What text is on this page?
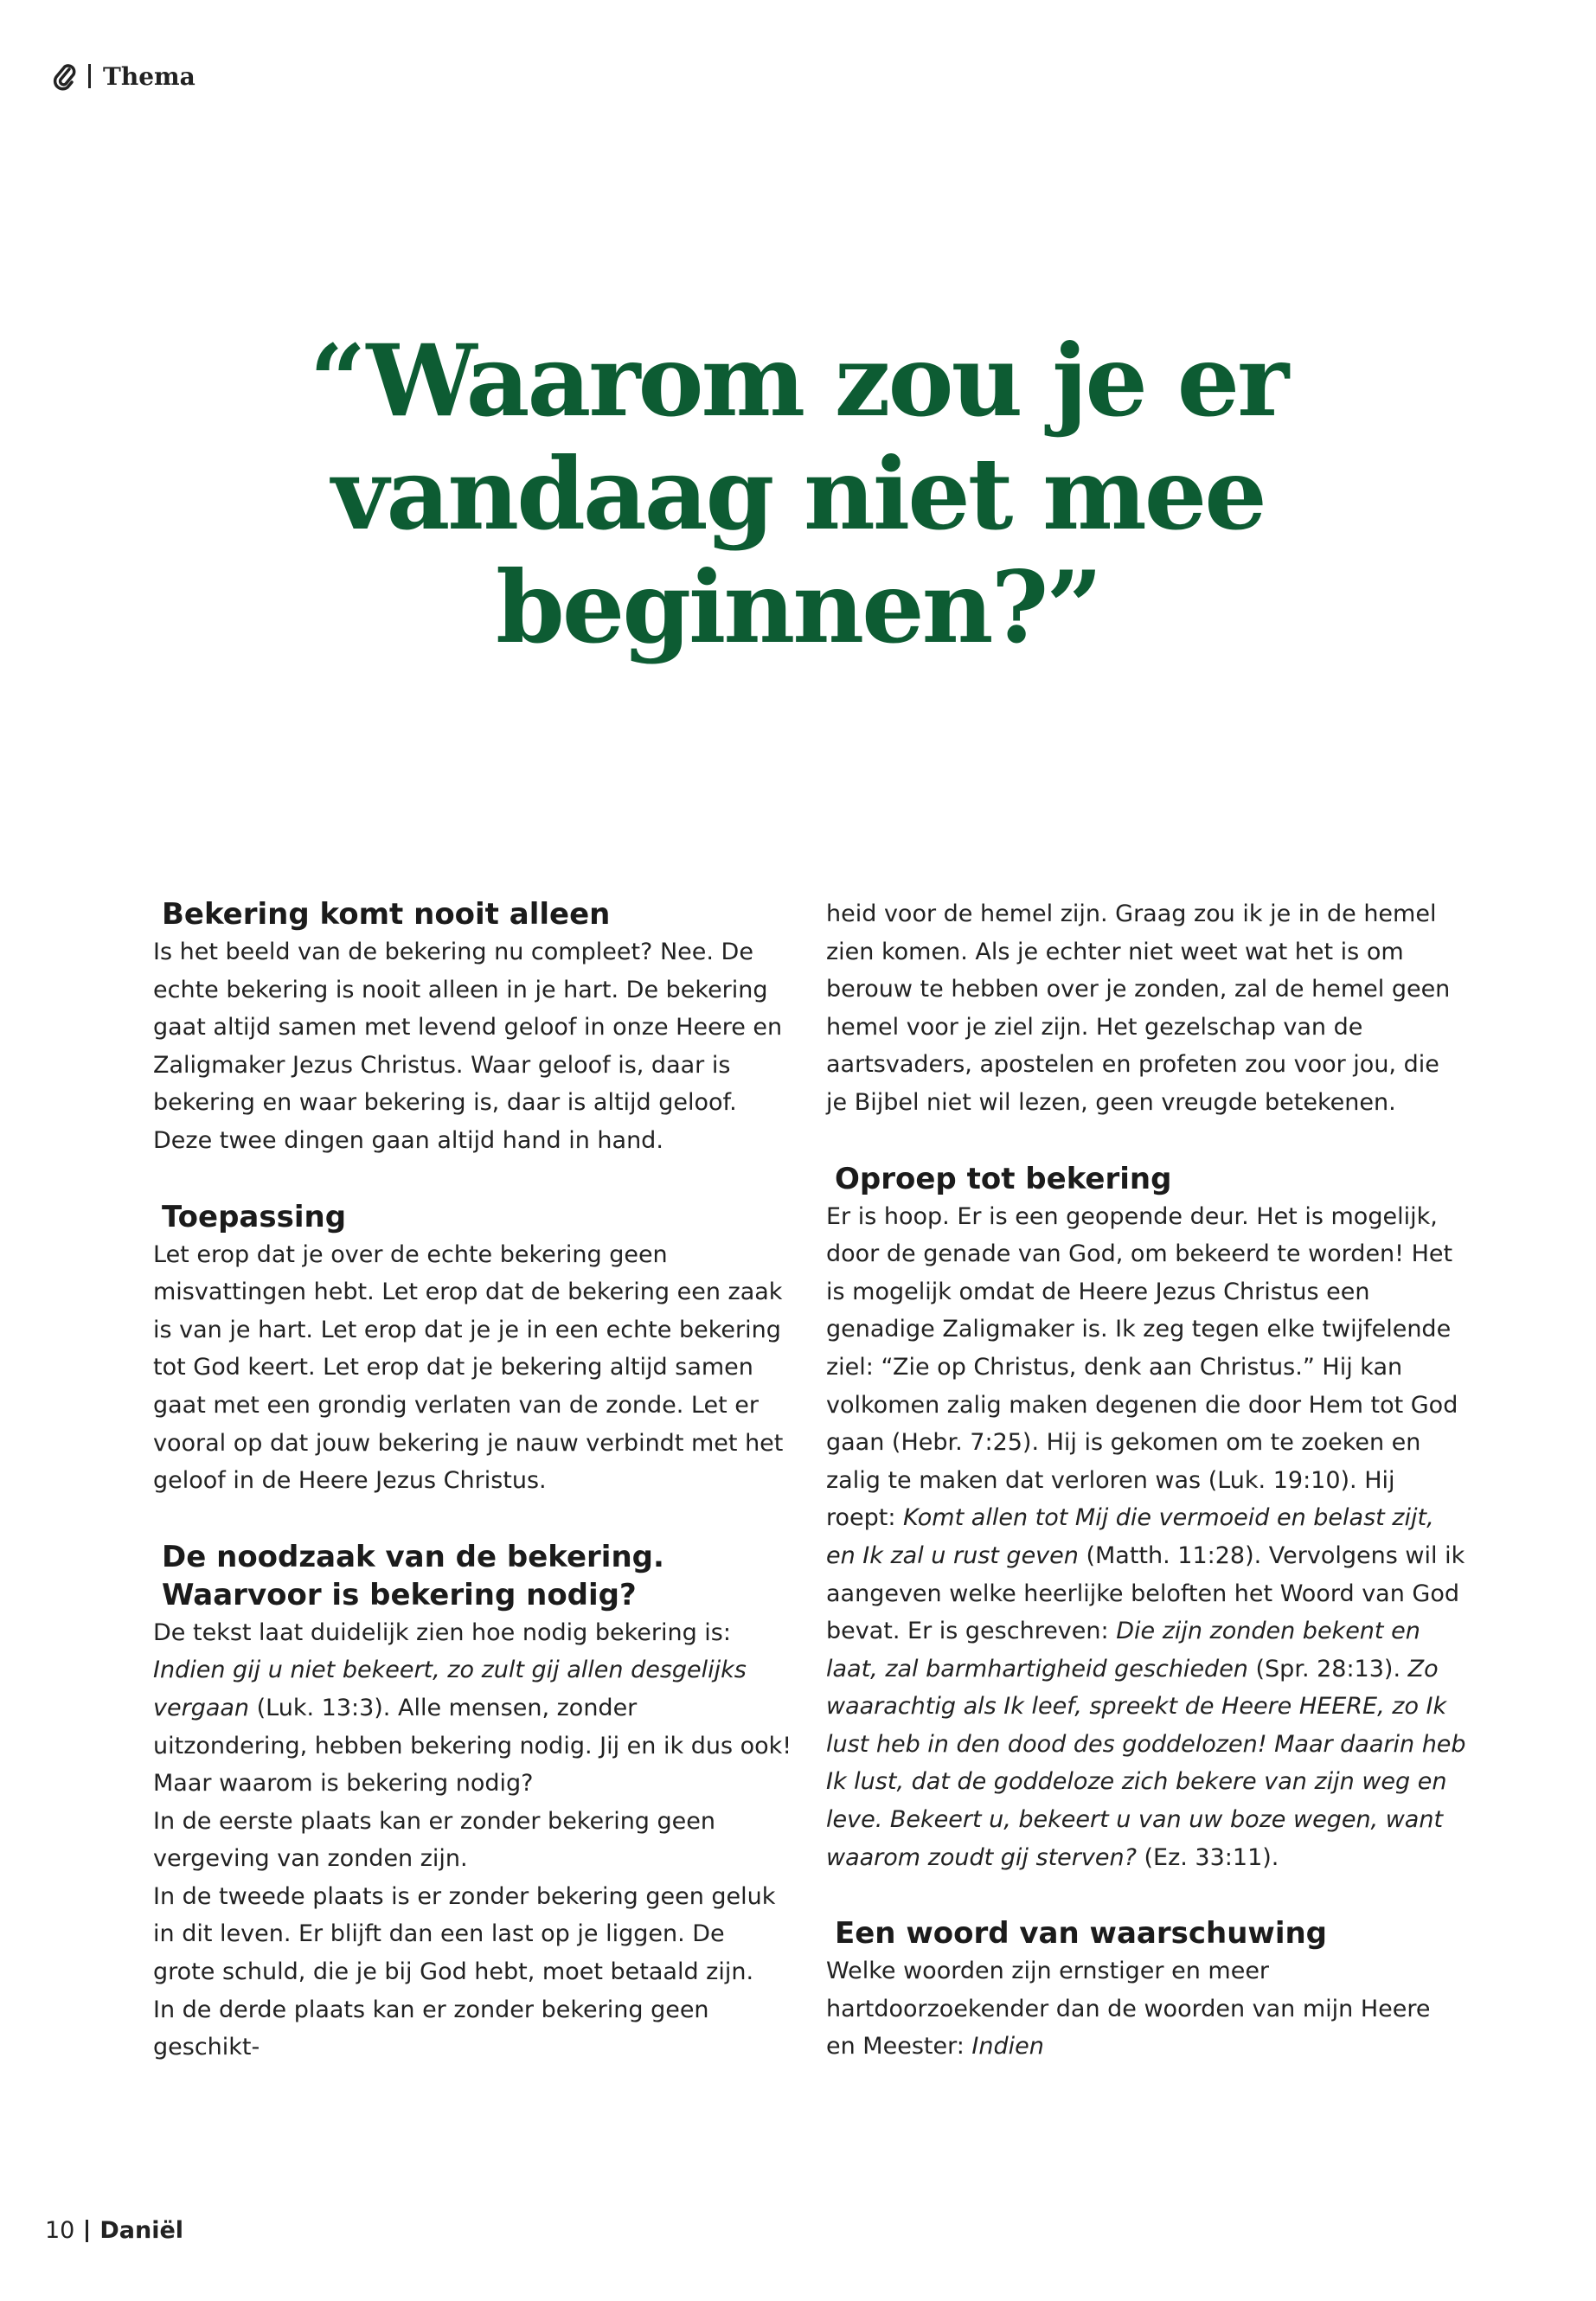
Thema
“Waarom zou je er
vandaag niet mee
beginnen?”
Bekering komt nooit alleen

Is het beeld van de bekering nu compleet? Nee. De echte bekering is nooit alleen in je hart. De bekering gaat altijd samen met levend geloof in onze Heere en Zaligmaker Jezus Christus. Waar geloof is, daar is bekering en waar bekering is, daar is altijd geloof. Deze twee dingen gaan altijd hand in hand.

Toepassing

Let erop dat je over de echte bekering geen misvattingen hebt. Let erop dat de bekering een zaak is van je hart. Let erop dat je je in een echte bekering tot God keert. Let erop dat je bekering altijd samen gaat met een grondig verlaten van de zonde. Let er vooral op dat jouw bekering je nauw verbindt met het geloof in de Heere Jezus Christus.

De noodzaak van de bekering.
Waarvoor is bekering nodig?

De tekst laat duidelijk zien hoe nodig bekering is: Indien gij u niet bekeert, zo zult gij allen desgelijks vergaan (Luk. 13:3). Alle mensen, zonder uitzondering, hebben bekering nodig. Jij en ik dus ook! Maar waarom is bekering nodig?

In de eerste plaats kan er zonder bekering geen vergeving van zonden zijn.

In de tweede plaats is er zonder bekering geen geluk in dit leven. Er blijft dan een last op je liggen. De grote schuld, die je bij God hebt, moet betaald zijn.

In de derde plaats kan er zonder bekering geen geschikt-

heid voor de hemel zijn. Graag zou ik je in de hemel zien komen. Als je echter niet weet wat het is om berouw te hebben over je zonden, zal de hemel geen hemel voor je ziel zijn. Het gezelschap van de aartsvaders, apostelen en profeten zou voor jou, die je Bijbel niet wil lezen, geen vreugde betekenen.

Oproep tot bekering

Er is hoop. Er is een geopende deur. Het is mogelijk, door de genade van God, om bekeerd te worden! Het is mogelijk omdat de Heere Jezus Christus een genadige Zaligmaker is. Ik zeg tegen elke twijfelende ziel: “Zie op Christus, denk aan Christus.” Hij kan volkomen zalig maken degenen die door Hem tot God gaan (Hebr. 7:25). Hij is gekomen om te zoeken en zalig te maken dat verloren was (Luk. 19:10). Hij roept: Komt allen tot Mij die vermoeid en belast zijt, en Ik zal u rust geven (Matth. 11:28). Vervolgens wil ik aangeven welke heerlijke beloften het Woord van God bevat. Er is geschreven: Die zijn zonden bekent en laat, zal barmhartigheid geschieden (Spr. 28:13). Zo waarachtig als Ik leef, spreekt de Heere HEERE, zo Ik lust heb in den dood des goddelozen! Maar daarin heb Ik lust, dat de goddeloze zich bekere van zijn weg en leve. Bekeert u, bekeert u van uw boze wegen, want waarom zoudt gij sterven? (Ez. 33:11).

Een woord van waarschuwing

Welke woorden zijn ernstiger en meer hartdoorzoekender dan de woorden van mijn Heere en Meester: Indien

10 Daniël
